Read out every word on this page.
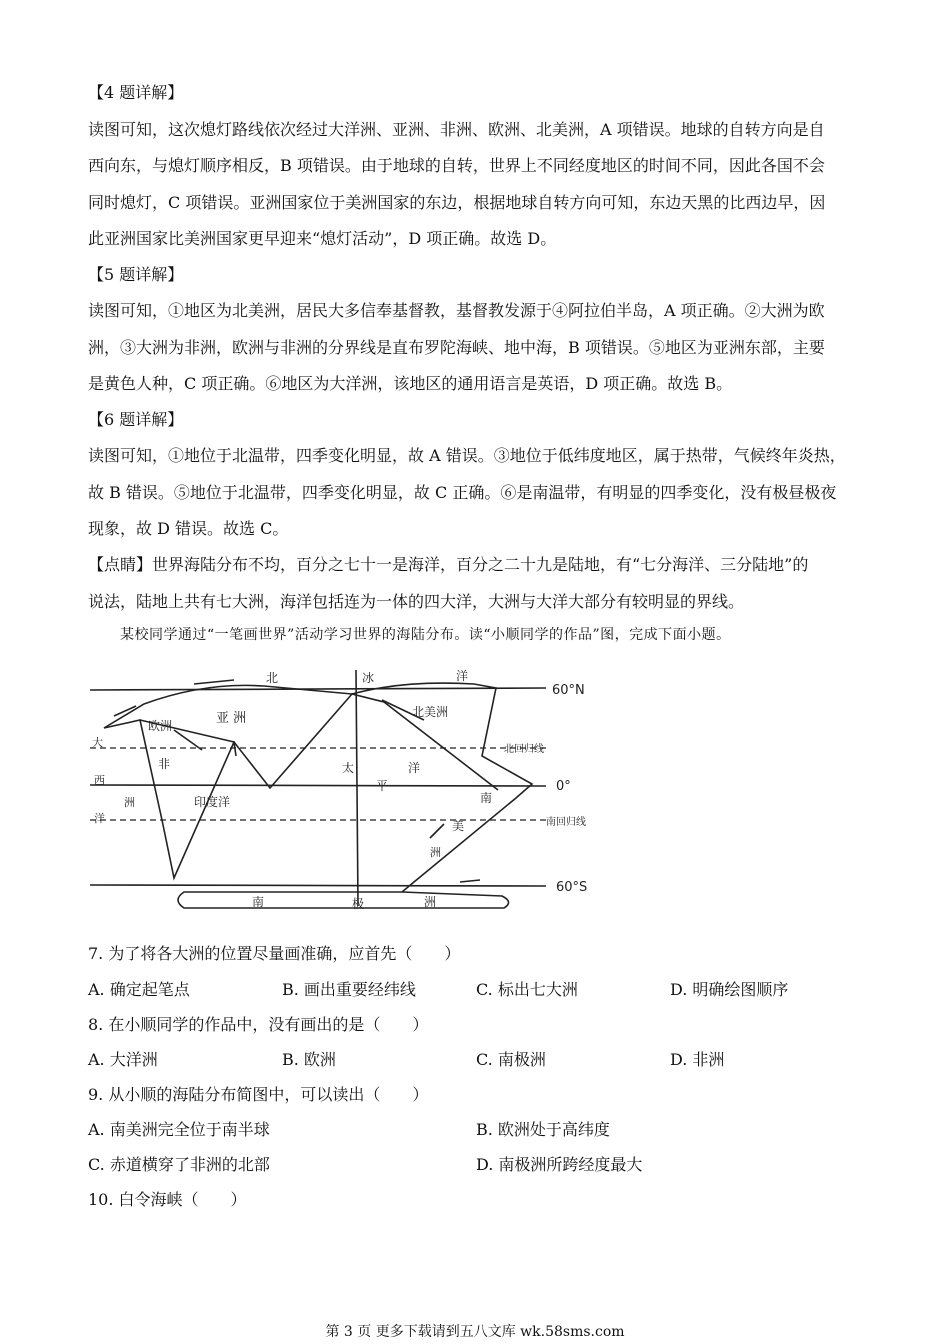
【4 题详解】
读图可知，这次熄灯路线依次经过大洋洲、亚洲、非洲、欧洲、北美洲，A 项错误。地球的自转方向是自
西向东，与熄灯顺序相反，B 项错误。由于地球的自转，世界上不同经度地区的时间不同，因此各国不会
同时熄灯，C 项错误。亚洲国家位于美洲国家的东边，根据地球自转方向可知，东边天黑的比西边早，因
此亚洲国家比美洲国家更早迎来“熄灯活动”，D 项正确。故选 D。
【5 题详解】
读图可知，①地区为北美洲，居民大多信奉基督教，基督教发源于④阿拉伯半岛，A 项正确。②大洲为欧
洲，③大洲为非洲，欧洲与非洲的分界线是直布罗陀海峡、地中海，B 项错误。⑤地区为亚洲东部，主要
是黄色人种，C 项正确。⑥地区为大洋洲，该地区的通用语言是英语，D 项正确。故选 B。
【6 题详解】
读图可知，①地位于北温带，四季变化明显，故 A 错误。③地位于低纬度地区，属于热带，气候终年炎热，
故 B 错误。⑤地位于北温带，四季变化明显，故 C 正确。⑥是南温带，有明显的四季变化，没有极昼极夜
现象，故 D 错误。故选 C。
【点睛】世界海陆分布不均，百分之七十一是海洋，百分之二十九是陆地，有“七分海洋、三分陆地”的
说法，陆地上共有七大洲，海洋包括连为一体的四大洋，大洲与大洋大部分有较明显的界线。
某校同学通过“一笔画世界”活动学习世界的海陆分布。读“小顺同学的作品”图，完成下面小题。
60°N
北回归线
0°
南回归线
60°S
北	冰	洋
欧洲	亚 洲	北美洲
大
西
洋
非
洲	印度洋
太
平
洋
南
美
洲
南	极	洲
7. 为了将各大洲的位置尽量画准确，应首先（　　）
A. 确定起笔点	B. 画出重要经纬线	C. 标出七大洲	D. 明确绘图顺序
8. 在小顺同学的作品中，没有画出的是（　　）
A. 大洋洲	B. 欧洲	C. 南极洲	D. 非洲
9. 从小顺的海陆分布简图中，可以读出（　　）
A. 南美洲完全位于南半球	B. 欧洲处于高纬度
C. 赤道横穿了非洲的北部	D. 南极洲所跨经度最大
10. 白令海峡（　　）
第 3 页 更多下载请到五八文库 wk.58sms.com
